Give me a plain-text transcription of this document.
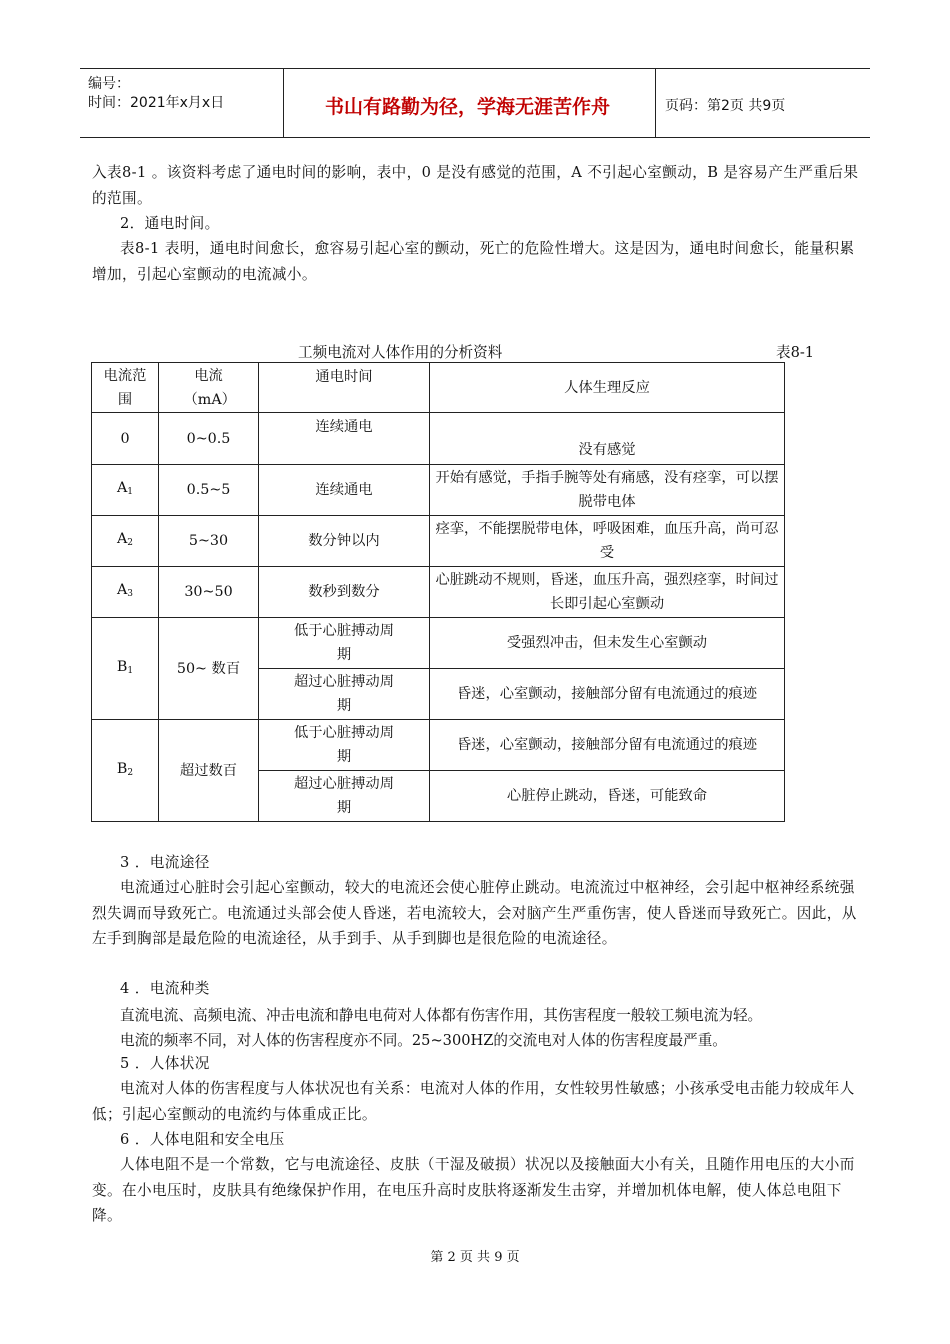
编号：
时间：2021年x月x日	书山有路勤为径，学海无涯苦作舟	页码：第2页 共9页
入表8-1 。该资料考虑了通电时间的影响，表中，0 是没有感觉的范围，A 不引起心室颤动，B 是容易产生严重后果的范围。
2．通电时间。
表8-1 表明，通电时间愈长，愈容易引起心室的颤动，死亡的危险性增大。这是因为，通电时间愈长，能量积累增加，引起心室颤动的电流减小。
工频电流对人体作用的分析资料	表8-1
电流范围	电流（mA）	通电时间	人体生理反应
0	0~0.5	连续通电	没有感觉
$A_1$	0.5~5	连续通电	开始有感觉，手指手腕等处有痛感，没有痉挛，可以摆脱带电体
$A_2$	5~30	数分钟以内	痉挛，不能摆脱带电体，呼吸困难，血压升高，尚可忍受
$A_3$	30~50	数秒到数分	心脏跳动不规则，昏迷，血压升高，强烈痉挛，时间过长即引起心室颤动
$B_1$	50~ 数百	低于心脏搏动周期	受强烈冲击，但未发生心室颤动

		超过心脏搏动周期	昏迷，心室颤动，接触部分留有电流通过的痕迹
$B_2$	超过数百	低于心脏搏动周期	昏迷，心室颤动，接触部分留有电流通过的痕迹

		超过心脏搏动周期	心脏停止跳动，昏迷，可能致命
3 ．电流途径
电流通过心脏时会引起心室颤动，较大的电流还会使心脏停止跳动。电流流过中枢神经，会引起中枢神经系统强烈失调而导致死亡。电流通过头部会使人昏迷，若电流较大，会对脑产生严重伤害，使人昏迷而导致死亡。因此，从左手到胸部是最危险的电流途径，从手到手、从手到脚也是很危险的电流途径。
4 ．电流种类
直流电流、高频电流、冲击电流和静电电荷对人体都有伤害作用，其伤害程度一般较工频电流为轻。
电流的频率不同，对人体的伤害程度亦不同。25~300HZ的交流电对人体的伤害程度最严重。
5 ．人体状况
电流对人体的伤害程度与人体状况也有关系：电流对人体的作用，女性较男性敏感；小孩承受电击能力较成年人低；引起心室颤动的电流约与体重成正比。
6 ．人体电阻和安全电压
人体电阻不是一个常数，它与电流途径、皮肤（干湿及破损）状况以及接触面大小有关，且随作用电压的大小而变。在小电压时，皮肤具有绝缘保护作用，在电压升高时皮肤将逐渐发生击穿，并增加机体电解，使人体总电阻下降。
第 2 页 共 9 页
